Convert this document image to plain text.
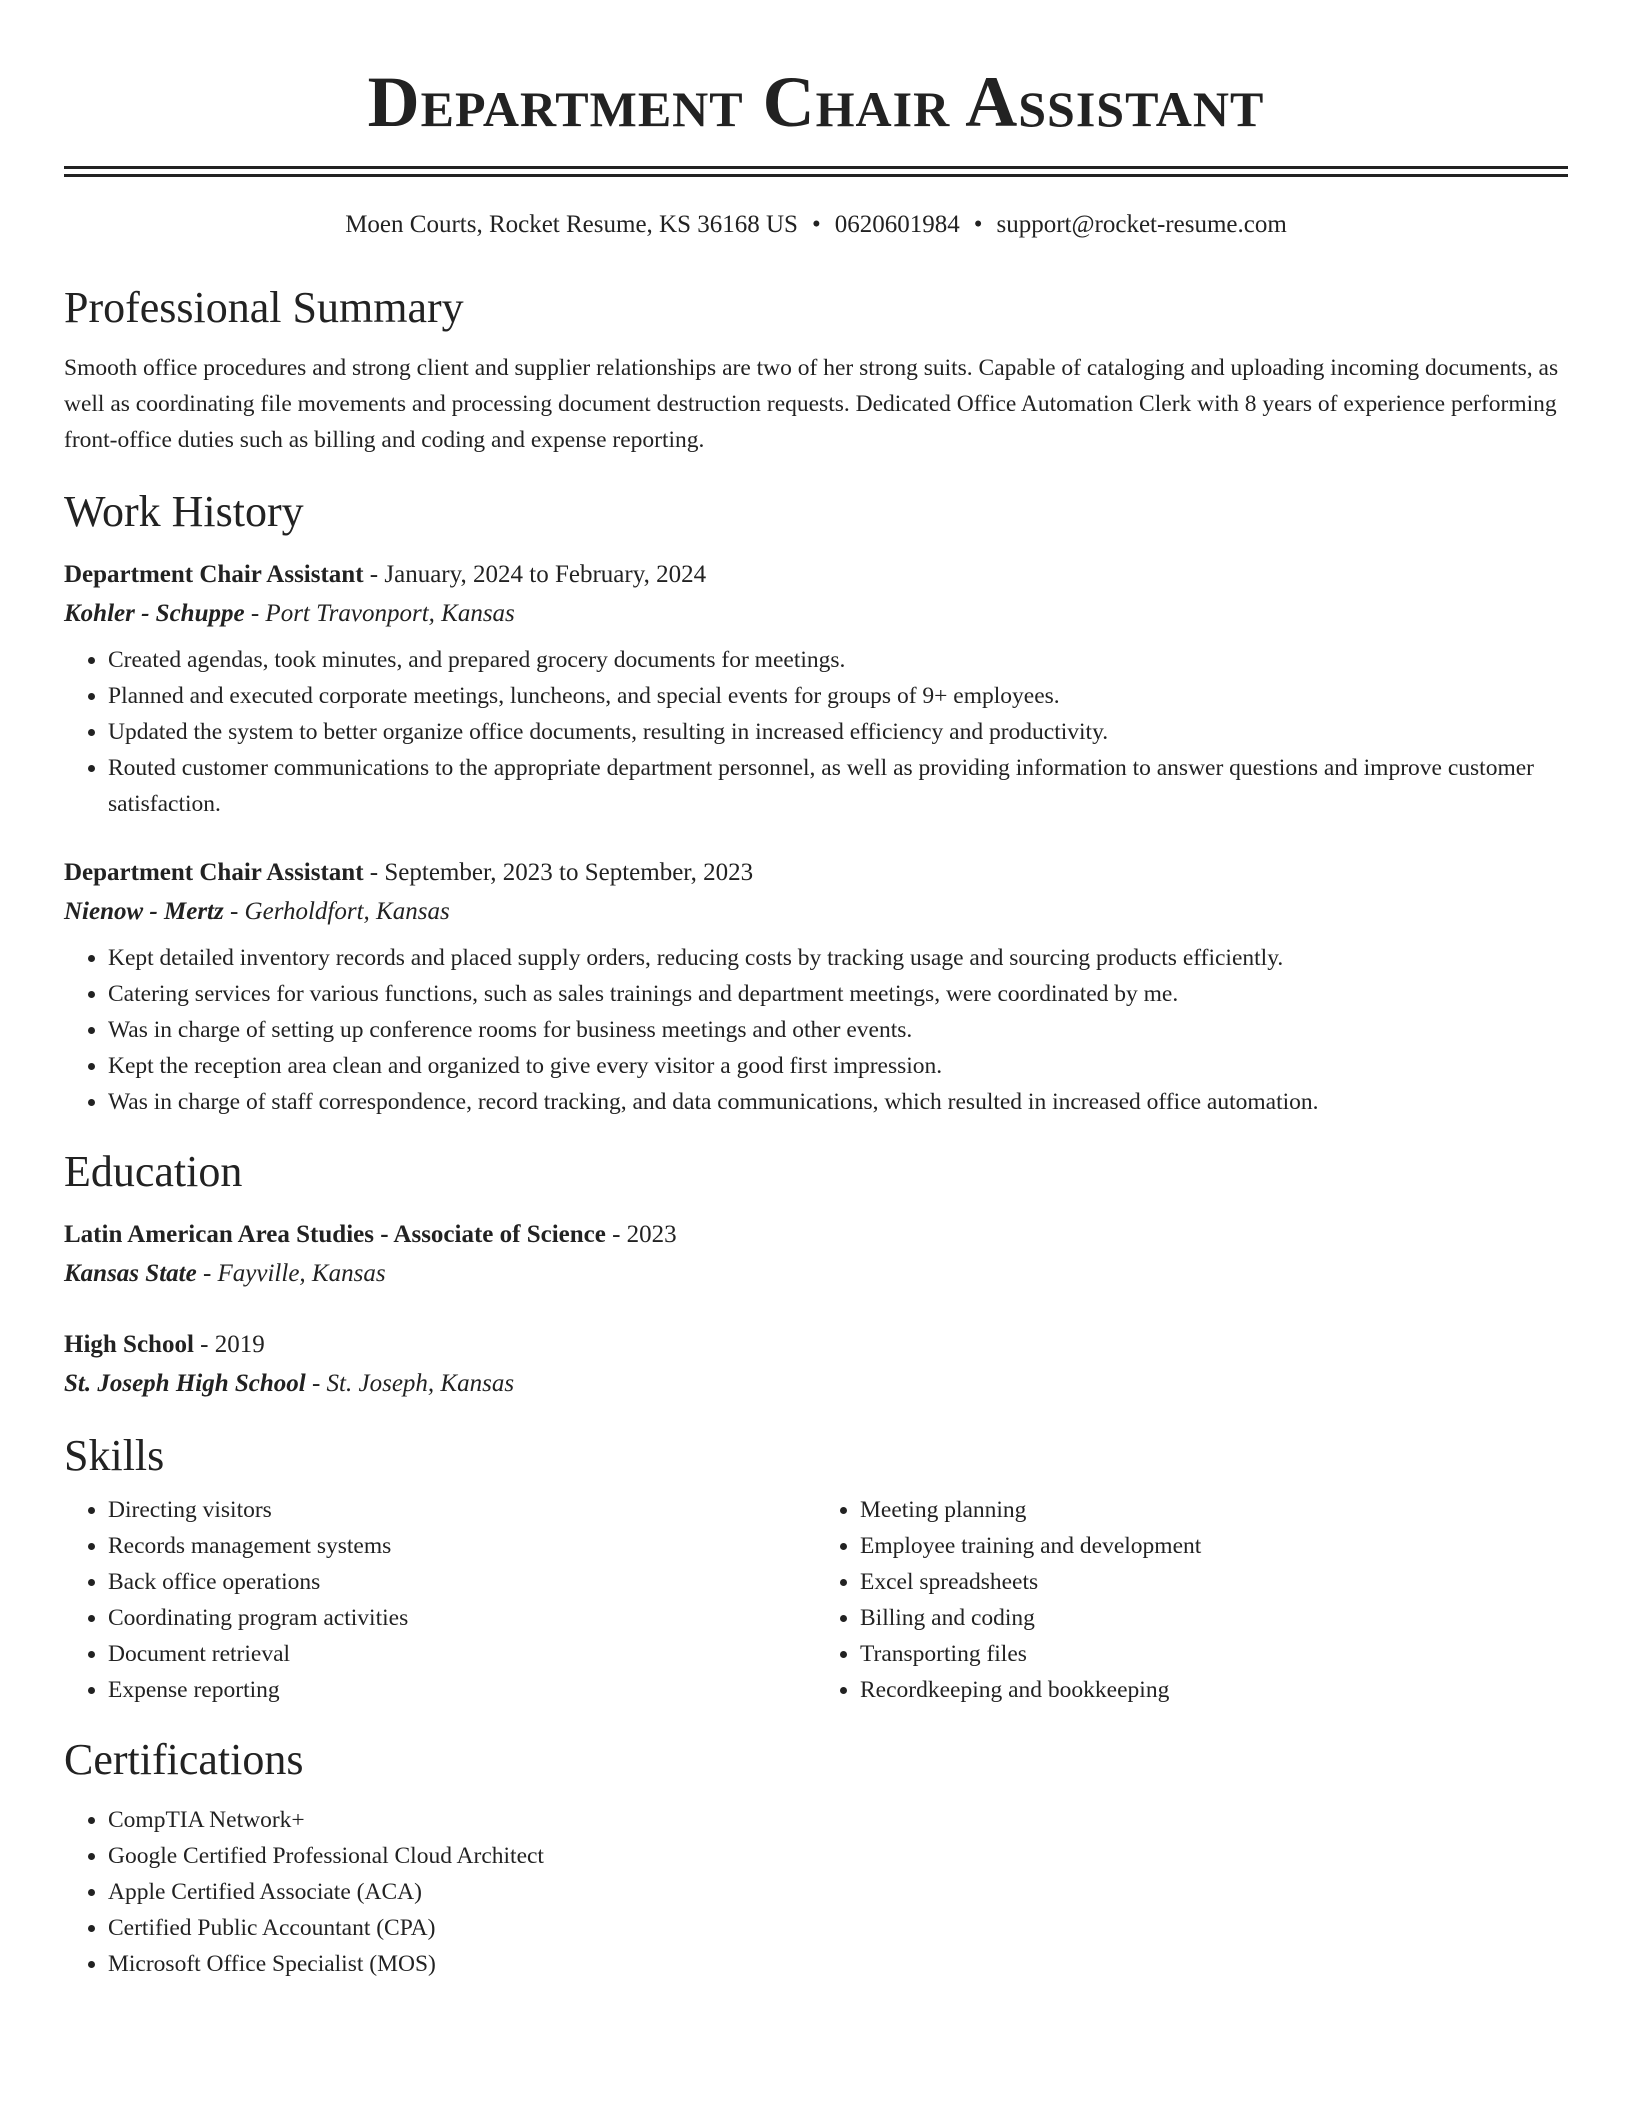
Department Chair Assistant
Moen Courts, Rocket Resume, KS 36168 US • 0620601984 • support@rocket-resume.com
Professional Summary

Smooth office procedures and strong client and supplier relationships are two of her strong suits. Capable of cataloging and uploading incoming documents, as well as coordinating file movements and processing document destruction requests. Dedicated Office Automation Clerk with 8 years of experience performing front-office duties such as billing and coding and expense reporting.

Work History
Department Chair Assistant - January, 2024 to February, 2024
Kohler - Schuppe - Port Travonport, Kansas
• Created agendas, took minutes, and prepared grocery documents for meetings.
• Planned and executed corporate meetings, luncheons, and special events for groups of 9+ employees.
• Updated the system to better organize office documents, resulting in increased efficiency and productivity.
• Routed customer communications to the appropriate department personnel, as well as providing information to answer questions and improve customer satisfaction.
Department Chair Assistant - September, 2023 to September, 2023
Nienow - Mertz - Gerholdfort, Kansas
• Kept detailed inventory records and placed supply orders, reducing costs by tracking usage and sourcing products efficiently.
• Catering services for various functions, such as sales trainings and department meetings, were coordinated by me.
• Was in charge of setting up conference rooms for business meetings and other events.
• Kept the reception area clean and organized to give every visitor a good first impression.
• Was in charge of staff correspondence, record tracking, and data communications, which resulted in increased office automation.
Education
Latin American Area Studies - Associate of Science - 2023
Kansas State - Fayville, Kansas
High School - 2019
St. Joseph High School - St. Joseph, Kansas
Skills
• Directing visitors
• Records management systems
• Back office operations
• Coordinating program activities
• Document retrieval
• Expense reporting
• Meeting planning
• Employee training and development
• Excel spreadsheets
• Billing and coding
• Transporting files
• Recordkeeping and bookkeeping
Certifications
• CompTIA Network+
• Google Certified Professional Cloud Architect
• Apple Certified Associate (ACA)
• Certified Public Accountant (CPA)
• Microsoft Office Specialist (MOS)
